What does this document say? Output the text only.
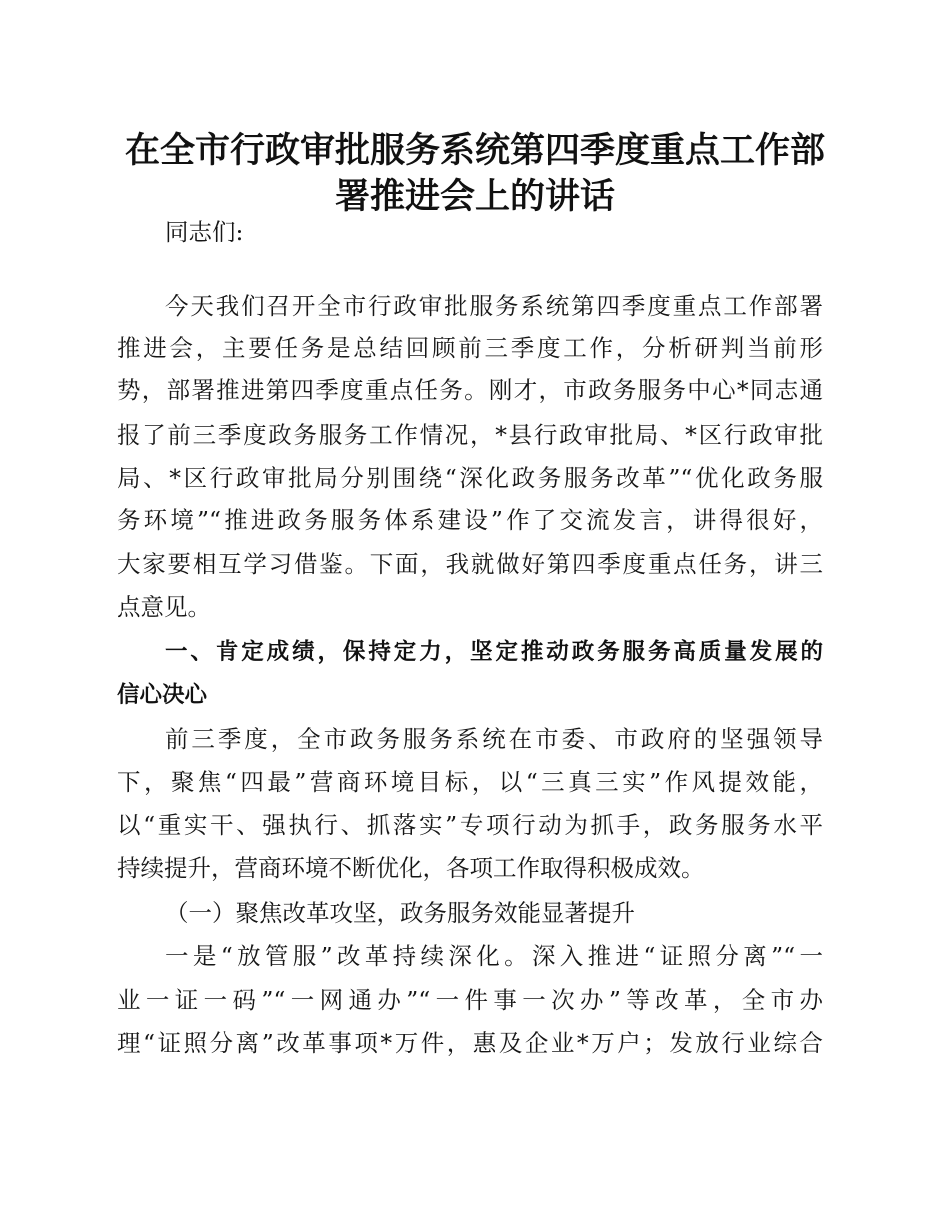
在全市行政审批服务系统第四季度重点工作部
署推进会上的讲话
同志们:
今天我们召开全市行政审批服务系统第四季度重点工作部署
推进会，主要任务是总结回顾前三季度工作，分析研判当前形
势，部署推进第四季度重点任务。刚才，市政务服务中心*同志通
报了前三季度政务服务工作情况，*县行政审批局、*区行政审批
局、*区行政审批局分别围绕“深化政务服务改革”“优化政务服
务环境”“推进政务服务体系建设”作了交流发言，讲得很好，
大家要相互学习借鉴。下面，我就做好第四季度重点任务，讲三
点意见。
一、肯定成绩，保持定力，坚定推动政务服务高质量发展的
信心决心
前三季度，全市政务服务系统在市委、市政府的坚强领导
下，聚焦“四最”营商环境目标，以“三真三实”作风提效能，
以“重实干、强执行、抓落实”专项行动为抓手，政务服务水平
持续提升，营商环境不断优化，各项工作取得积极成效。
（一）聚焦改革攻坚，政务服务效能显著提升
一是“放管服”改革持续深化。深入推进“证照分离”“一
业一证一码”“一网通办”“一件事一次办”等改革，全市办
理“证照分离”改革事项*万件，惠及企业*万户；发放行业综合
